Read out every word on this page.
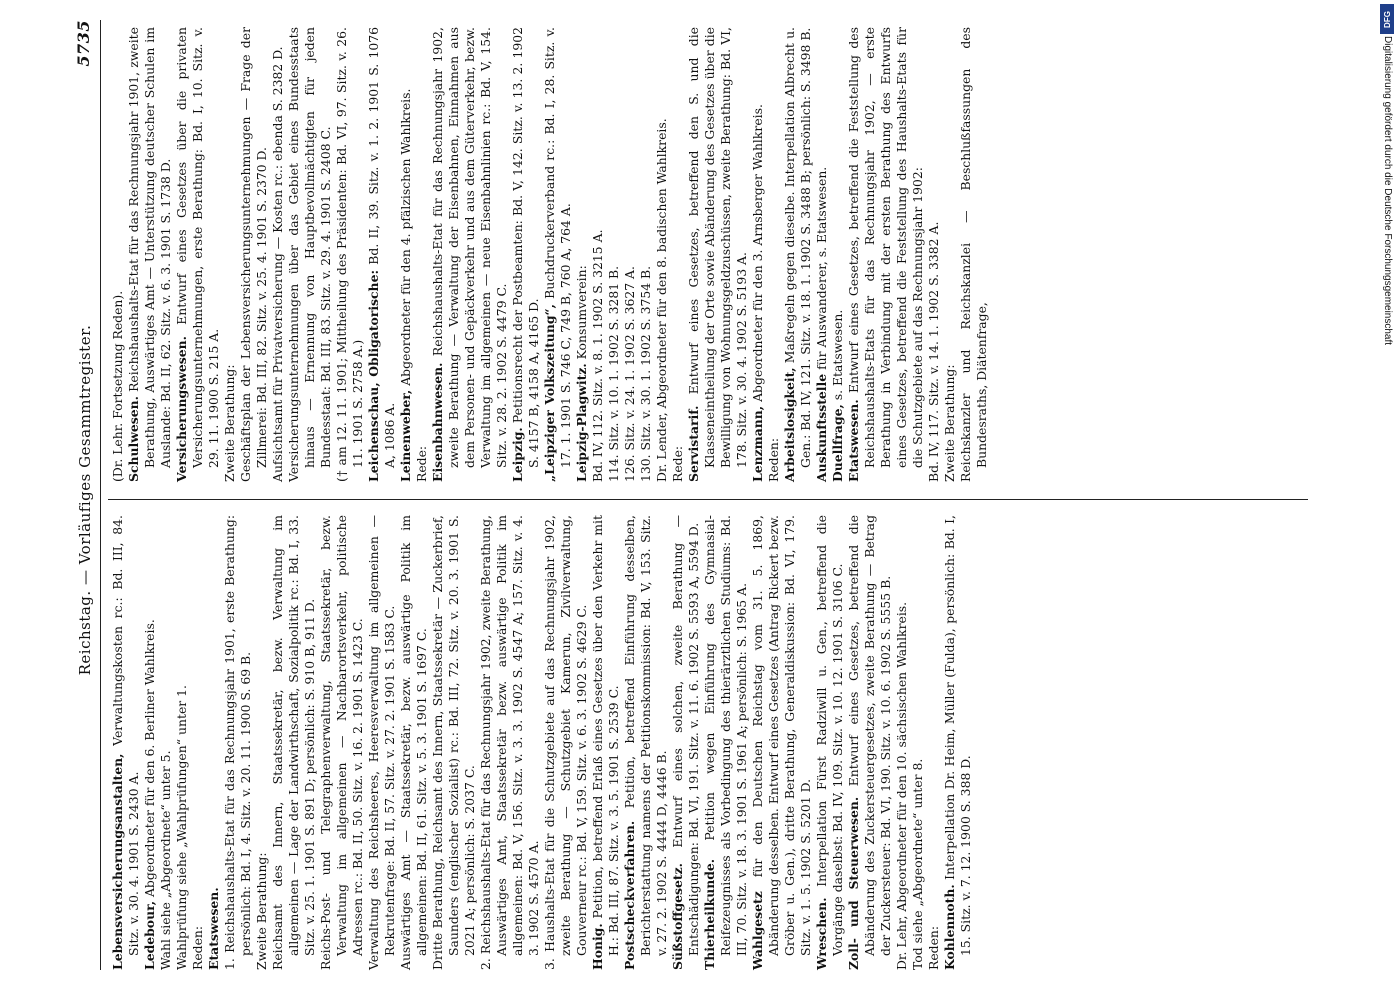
Reichstag. — Vorläufiges Gesammtregister.
5735

Lebensversicherungsanstalten, Verwaltungskosten rc.: Bd. III, 84. Sitz. v. 30. 4. 1901 S. 2430 A. Ledebour, Abgeordneter für den 6. Berliner Wahlkreis. Wahl siehe „Abgeordnete“ unter 5. Wahlprüfung siehe „Wahlprüfungen“ unter 1. Reden: Etatswesen. 1. Reichshaushalts-Etat für das Rechnungsjahr 1901, erste Berathung: persönlich: Bd. I, 4. Sitz. v. 20. 11. 1900 S. 69 B. Zweite Berathung: Reichsamt des Innern, Staatssekretär, bezw. Verwaltung im allgemeinen — Lage der Landwirthschaft, Sozialpolitik rc.: Bd. I, 33. Sitz. v. 25. 1. 1901 S. 891 D; persönlich: S. 910 B, 911 D. Reichs-Post- und Telegraphenverwaltung, Staatssekretär, bezw. Verwaltung im allgemeinen — Nachbarortsverkehr, politische Adressen rc.: Bd. II, 50. Sitz. v. 16. 2. 1901 S. 1423 C. Verwaltung des Reichsheeres, Heeresverwaltung im allgemeinen — Rekrutenfrage: Bd. II, 57. Sitz. v. 27. 2. 1901 S. 1583 C. Auswärtiges Amt — Staatssekretär, bezw. auswärtige Politik im allgemeinen: Bd. II, 61. Sitz. v. 5. 3. 1901 S. 1697 C. Dritte Berathung, Reichsamt des Innern, Staatssekretär — Zuckerbrief, Saunders (englischer Sozialist) rc.: Bd. III, 72. Sitz. v. 20. 3. 1901 S. 2021 A; persönlich: S. 2037 C. 2. Reichshaushalts-Etat für das Rechnungsjahr 1902, zweite Berathung, Auswärtiges Amt, Staatssekretär bezw. auswärtige Politik im allgemeinen: Bd. V, 156. Sitz. v. 3. 3. 1902 S. 4547 A; 157. Sitz. v. 4. 3. 1902 S. 4570 A. 3. Haushalts-Etat für die Schutzgebiete auf das Rechnungsjahr 1902, zweite Berathung — Schutzgebiet Kamerun, Zivilverwaltung, Gouverneur rc.: Bd. V, 159. Sitz. v. 6. 3. 1902 S. 4629 C. Honig. Petition, betreffend Erlaß eines Gesetzes über den Verkehr mit H.: Bd. III, 87. Sitz. v. 3. 5. 1901 S. 2539 C. Postscheckverfahren. Petition, betreffend Einführung desselben, Berichterstattung namens der Petitionskommission: Bd. V, 153. Sitz. v. 27. 2. 1902 S. 4444 D, 4446 B. Süßstoffgesetz. Entwurf eines solchen, zweite Berathung — Entschädigungen: Bd. VI, 191. Sitz. v. 11. 6. 1902 S. 5593 A, 5594 D. Thierheilkunde. Petition wegen Einführung des Gymnasial-Reifezeugnisses als Vorbedingung des thierärztlichen Studiums: Bd. III, 70. Sitz. v. 18. 3. 1901 S. 1961 A; persönlich: S. 1965 A. Wahlgesetz für den Deutschen Reichstag vom 31. 5. 1869, Abänderung desselben. Entwurf eines Gesetzes (Antrag Rickert bezw. Gröber u. Gen.), dritte Berathung, Generaldiskussion: Bd. VI, 179. Sitz. v. 1. 5. 1902 S. 5201 D. Wreschen. Interpellation Fürst Radziwill u. Gen., betreffend die Vorgänge daselbst: Bd. IV, 109. Sitz. v. 10. 12. 1901 S. 3106 C. Zoll- und Steuerwesen. Entwurf eines Gesetzes, betreffend die Abänderung des Zuckersteuergesetzes, zweite Berathung — Betrag der Zuckersteuer: Bd. VI, 190. Sitz. v. 10. 6. 1902 S. 5555 B. Dr. Lehr, Abgeordneter für den 10. sächsischen Wahlkreis. Tod siehe „Abgeordnete“ unter 8. Reden: Kohlennoth. Interpellation Dr. Heim, Müller (Fulda), persönlich: Bd. I, 15. Sitz. v. 7. 12. 1900 S. 388 D.

(Dr. Lehr. Fortsetzung Reden). Schulwesen. Reichshaushalts-Etat für das Rechnungsjahr 1901, zweite Berathung, Auswärtiges Amt — Unterstützung deutscher Schulen im Auslande: Bd. II, 62. Sitz. v. 6. 3. 1901 S. 1738 D. Versicherungswesen. Entwurf eines Gesetzes über die privaten Versicherungsunternehmungen, erste Berathung: Bd. I, 10. Sitz. v. 29. 11. 1900 S. 215 A. Zweite Berathung: Geschäftsplan der Lebensversicherungsunternehmungen — Frage der Zillmerei: Bd. III, 82. Sitz. v. 25. 4. 1901 S. 2370 D. Aufsichtsamt für Privatversicherung — Kosten rc.: ebenda S. 2382 D. Versicherungsunternehmungen über das Gebiet eines Bundesstaats hinaus — Ernennung von Hauptbevollmächtigten für jeden Bundesstaat: Bd. III, 83. Sitz. v. 29. 4. 1901 S. 2408 C. († am 12. 11. 1901; Mittheilung des Präsidenten: Bd. VI, 97. Sitz. v. 26. 11. 1901 S. 2758 A.) Leichenschau, Obligatorische: Bd. II, 39. Sitz. v. 1. 2. 1901 S. 1076 A, 1086 A. Leinenweber, Abgeordneter für den 4. pfälzischen Wahlkreis.

Rede: Eisenbahnwesen. Reichshaushalts-Etat für das Rechnungsjahr 1902, zweite Berathung — Verwaltung der Eisenbahnen, Einnahmen aus dem Personen- und Gepäckverkehr und aus dem Güterverkehr, bezw. Verwaltung im allgemeinen — neue Eisenbahnlinien rc.: Bd. V, 154. Sitz. v. 28. 2. 1902 S. 4479 C. Leipzig. Petitionsrecht der Postbeamten: Bd. V, 142. Sitz. v. 13. 2. 1902 S. 4157 B, 4158 A, 4165 D. „Leipziger Volkszeitung“, Buchdruckerverband rc.: Bd. I, 28. Sitz. v. 17. 1. 1901 S. 746 C, 749 B, 760 A, 764 A. Leipzig-Plagwitz. Konsumverein: Bd. IV, 112. Sitz. v. 8. 1. 1902 S. 3215 A. 114. Sitz. v. 10. 1. 1902 S. 3281 B. 126. Sitz. v. 24. 1. 1902 S. 3627 A. 130. Sitz. v. 30. 1. 1902 S. 3754 B. Dr. Lender, Abgeordneter für den 8. badischen Wahlkreis. Rede: Servistarif. Entwurf eines Gesetzes, betreffend den S. und die Klasseneintheilung der Orte sowie Abänderung des Gesetzes über die Bewilligung von Wohnungsgeldzuschüssen, zweite Berathung: Bd. VI, 178. Sitz. v. 30. 4. 1902 S. 5193 A. Lenzmann, Abgeordneter für den 3. Arnsberger Wahlkreis.

Reden: Arbeitslosigkeit, Maßregeln gegen dieselbe. Interpellation Albrecht u. Gen.: Bd. IV, 121. Sitz. v. 18. 1. 1902 S. 3488 B; persönlich: S. 3498 B. Auskunftsstelle für Auswanderer, s. Etatswesen.

Duellfrage, s. Etatswesen.

Etatswesen. Entwurf eines Gesetzes, betreffend die Feststellung des Reichshaushalts-Etats für das Rechnungsjahr 1902, — erste Berathung in Verbindung mit der ersten Berathung des Entwurfs eines Gesetzes, betreffend die Feststellung des Haushalts-Etats für die Schutzgebiete auf das Rechnungsjahr 1902: Bd. IV, 117. Sitz. v. 14. 1. 1902 S. 3382 A. Zweite Berathung: Reichskanzler und Reichskanzlei — Beschlußfassungen des Bundesraths, Diätenfrage,

DFG
Digitalisierung gefördert durch die Deutsche Forschungsgemeinschaft
